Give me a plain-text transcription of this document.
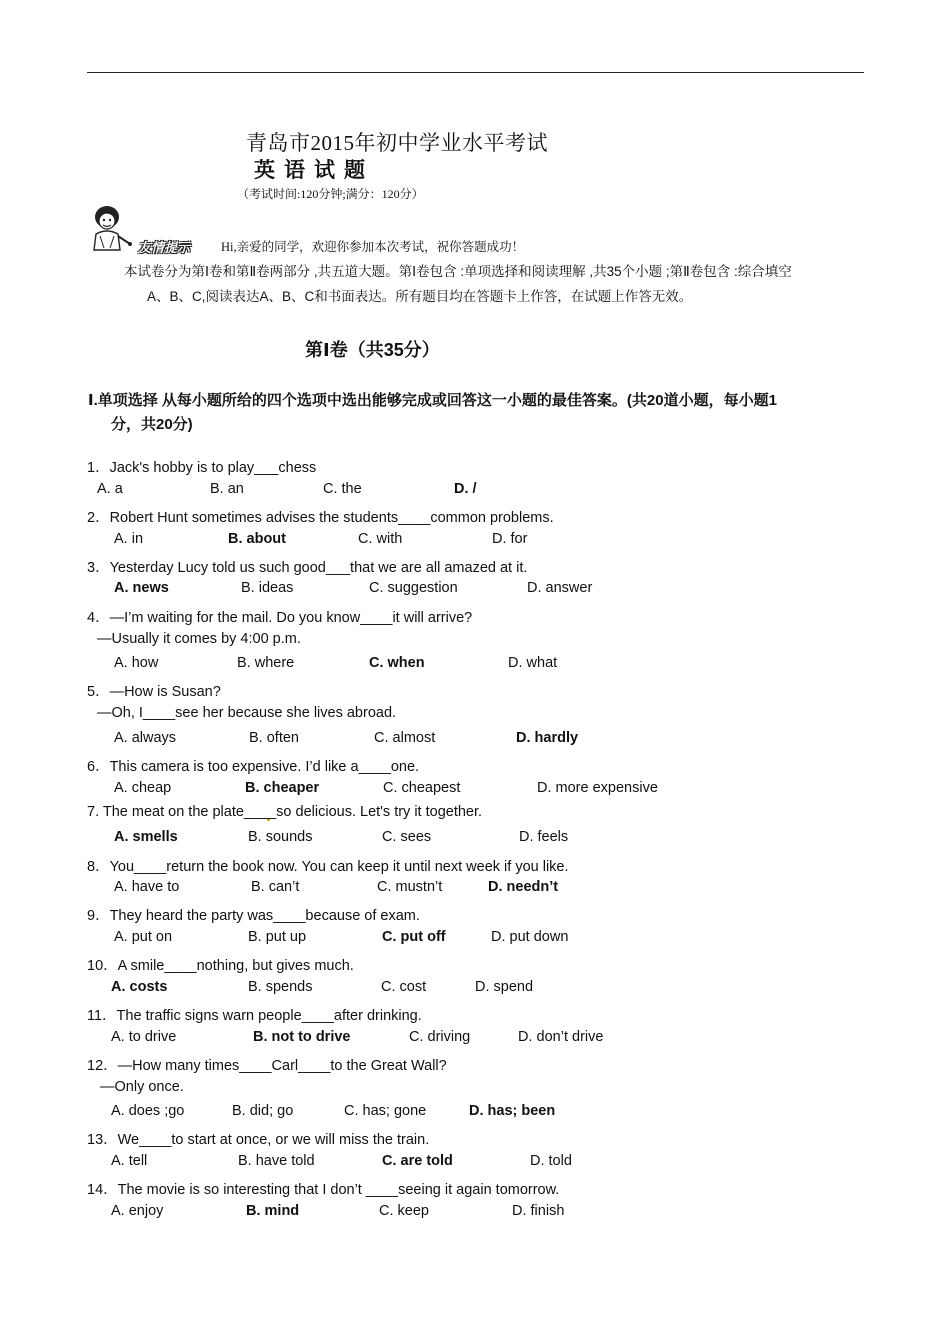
青岛市2015年初中学业水平考试
英语试题
（考试时间:120分钟;满分：120分）
友情提示 Hi,亲爱的同学，欢迎你参加本次考试，祝你答题成功！
本试卷分为第Ⅰ卷和第Ⅱ卷两部分 ,共五道大题。第Ⅰ卷包含 :单项选择和阅读理解 ,共35个小题 ;第Ⅱ卷包含 :综合填空
A、B、C,阅读表达A、B、C和书面表达。所有题目均在答题卡上作答，在试题上作答无效。
第Ⅰ卷（共35分）
Ⅰ.单项选择 从每小题所给的四个选项中选出能够完成或回答这一小题的最佳答案。(共20道小题，每小题1
分，共20分)
1．Jack's hobby is to play___chess
A. a	B. an	C. the	D. /
2．Robert Hunt sometimes advises the students____common problems.
A. in	B. about	C. with	D. for
3．Yesterday Lucy told us such good___that we are all amazed at it.
A. news	B. ideas	C. suggestion	D. answer
4．—I’m waiting for the mail. Do you know____it will arrive?
—Usually it comes by 4:00 p.m.
A. how	B. where	C. when	D. what
5．—How is Susan?
—Oh, I____see her because she lives abroad.
A. always	B. often	C. almost	D. hardly
6．This camera is too expensive. I’d like a____one.
A. cheap	B. cheaper	C. cheapest	D. more expensive
7. The meat on the plate____so delicious. Let's try it together.
A. smells	B. sounds	C. sees	D. feels
8．You____return the book now. You can keep it until next week if you like.
A. have to	B. can’t	C. mustn’t	D. needn’t
9．They heard the party was____because of exam.
A. put on	B. put up	C. put off	D. put down
10．A smile____nothing, but gives much.
A. costs	B. spends	C. cost	D. spend
11．The traffic signs warn people____after drinking.
A. to drive	B. not to drive	C. driving	D. don’t drive
12．—How many times____Carl____to the Great Wall?
—Only once.
A. does ;go	B. did; go	C. has; gone	D. has; been
13．We____to start at once, or we will miss the train.
A. tell	B. have told	C. are told	D. told
14．The movie is so interesting that I don’t ____seeing it again tomorrow.
A. enjoy	B. mind	C. keep	D. finish
